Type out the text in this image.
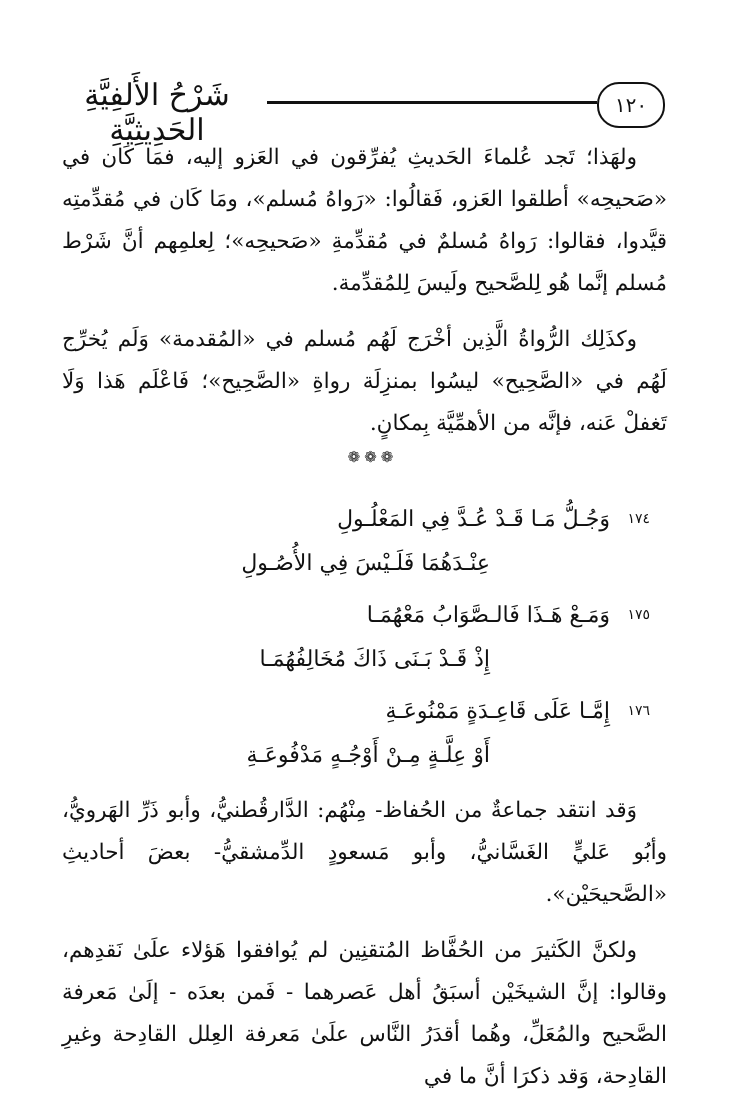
شَرْحُ الأَلفِيَّةِ الحَدِيثِيَّةِ
١٢٠

ولهَذا؛ تَجد عُلماءَ الحَديثِ يُفرِّقون في العَزو إليه، فمَا كَان في «صَحيحِه» أطلقوا العَزو، فَقالُوا: «رَواهُ مُسلم»، ومَا كَان في مُقدِّمتِه قيَّدوا، فقالوا: رَواهُ مُسلمٌ في مُقدِّمةِ «صَحيحِه»؛ لِعلمِهم أنَّ شَرْط مُسلم إنَّما هُو لِلصَّحيح ولَيسَ لِلمُقدِّمة.

وكذَلِك الرُّواةُ الَّذِين أخْرَج لَهُم مُسلم في «المُقدمة» وَلَم يُخرِّج لَهُم في «الصَّحِيح» ليسُوا بمنزِلَة رواةِ «الصَّحِيح»؛ فَاعْلَم هَذا وَلَا تَغفلْ عَنه، فإنَّه من الأهمِّيَّة بِمكانٍ.

❁❁❁
١٧٤
وَجُـلُّ مَـا قَـدْ عُـدَّ فِي المَعْلُـولِ
عِنْـدَهُمَا فَلَـيْسَ فِي الأُصُـولِ
١٧٥
وَمَـعْ هَـذَا فَالـصَّوَابُ مَعْهُمَـا
إِذْ قَـدْ بَـنَى ذَاكَ مُخَالِفُهُمَـا
١٧٦
إِمَّـا عَلَى قَاعِـدَةٍ مَمْنُوعَـةِ
أَوْ عِلَّـةٍ مِـنْ أَوْجُـهٍ مَدْفُوعَـةِ

وَقد انتقد جماعةٌ من الحُفاظ- مِنْهُم: الدَّارقُطنيُّ، وأبو ذَرِّ الهَرويُّ، وأبُو عَليٍّ الغَسَّانيُّ، وأبو مَسعودٍ الدِّمشقيُّ- بعضَ أحاديثِ «الصَّحيحَيْن».

ولكنَّ الكَثيرَ من الحُفَّاظ المُتقنِين لم يُوافقوا هَؤلاء علَىٰ نَقدِهم، وقالوا: إنَّ الشيخَيْن أسبَقُ أهل عَصرهما - فَمن بعدَه - إلَىٰ مَعرفة الصَّحيح والمُعَلِّ، وهُما أقدَرُ النَّاس علَىٰ مَعرفة العِلل القادِحة وغيرِ القادِحة، وَقد ذكرَا أنَّ ما في
